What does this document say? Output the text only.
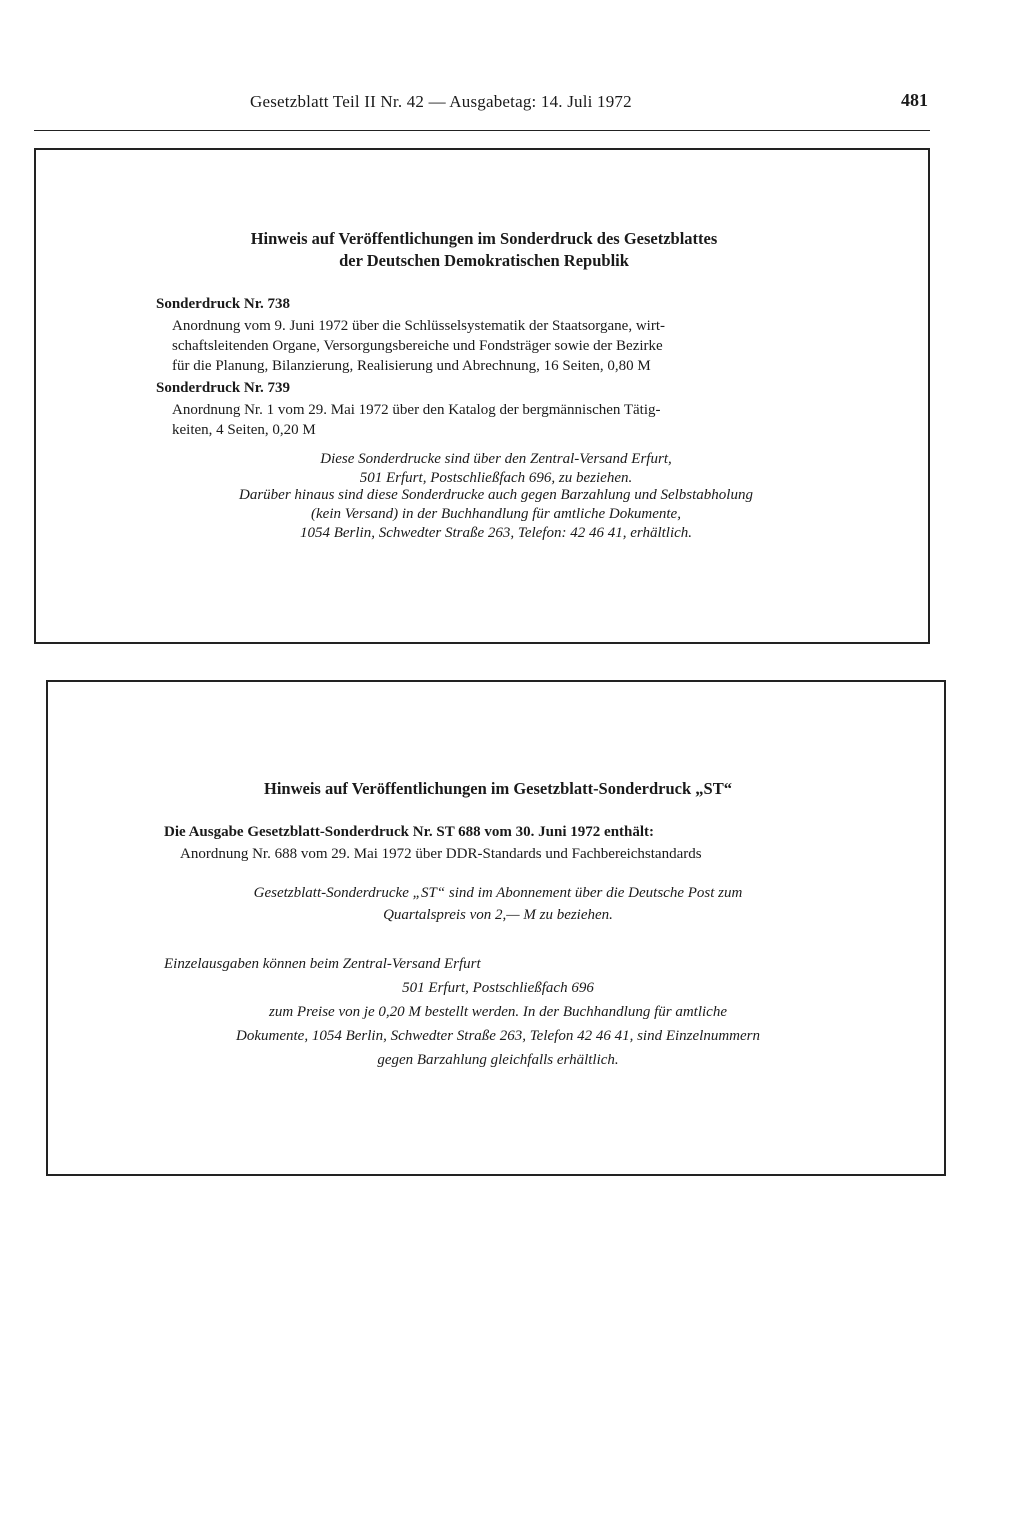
Gesetzblatt Teil II Nr. 42 — Ausgabetag: 14. Juli 1972	481
Hinweis auf Veröffentlichungen im Sonderdruck des Gesetzblattes
der Deutschen Demokratischen Republik
Sonderdruck Nr. 738
Anordnung vom 9. Juni 1972 über die Schlüsselsystematik der Staatsorgane, wirt-
schaftsleitenden Organe, Versorgungsbereiche und Fondsträger sowie der Bezirke
für die Planung, Bilanzierung, Realisierung und Abrechnung, 16 Seiten, 0,80 M
Sonderdruck Nr. 739
Anordnung Nr. 1 vom 29. Mai 1972 über den Katalog der bergmännischen Tätig-
keiten, 4 Seiten, 0,20 M
Diese Sonderdrucke sind über den Zentral-Versand Erfurt,
501 Erfurt, Postschließfach 696, zu beziehen.
Darüber hinaus sind diese Sonderdrucke auch gegen Barzahlung und Selbstabholung
(kein Versand) in der Buchhandlung für amtliche Dokumente,
1054 Berlin, Schwedter Straße 263, Telefon: 42 46 41, erhältlich.
Hinweis auf Veröffentlichungen im Gesetzblatt-Sonderdruck „ST“
Die Ausgabe Gesetzblatt-Sonderdruck Nr. ST 688 vom 30. Juni 1972 enthält:
Anordnung Nr. 688 vom 29. Mai 1972 über DDR-Standards und Fachbereichstandards
Gesetzblatt-Sonderdrucke „ST“ sind im Abonnement über die Deutsche Post zum
Quartalspreis von 2,— M zu beziehen.
Einzelausgaben können beim Zentral-Versand Erfurt
501 Erfurt, Postschließfach 696
zum Preise von je 0,20 M bestellt werden. In der Buchhandlung für amtliche
Dokumente, 1054 Berlin, Schwedter Straße 263, Telefon 42 46 41, sind Einzelnummern
gegen Barzahlung gleichfalls erhältlich.
